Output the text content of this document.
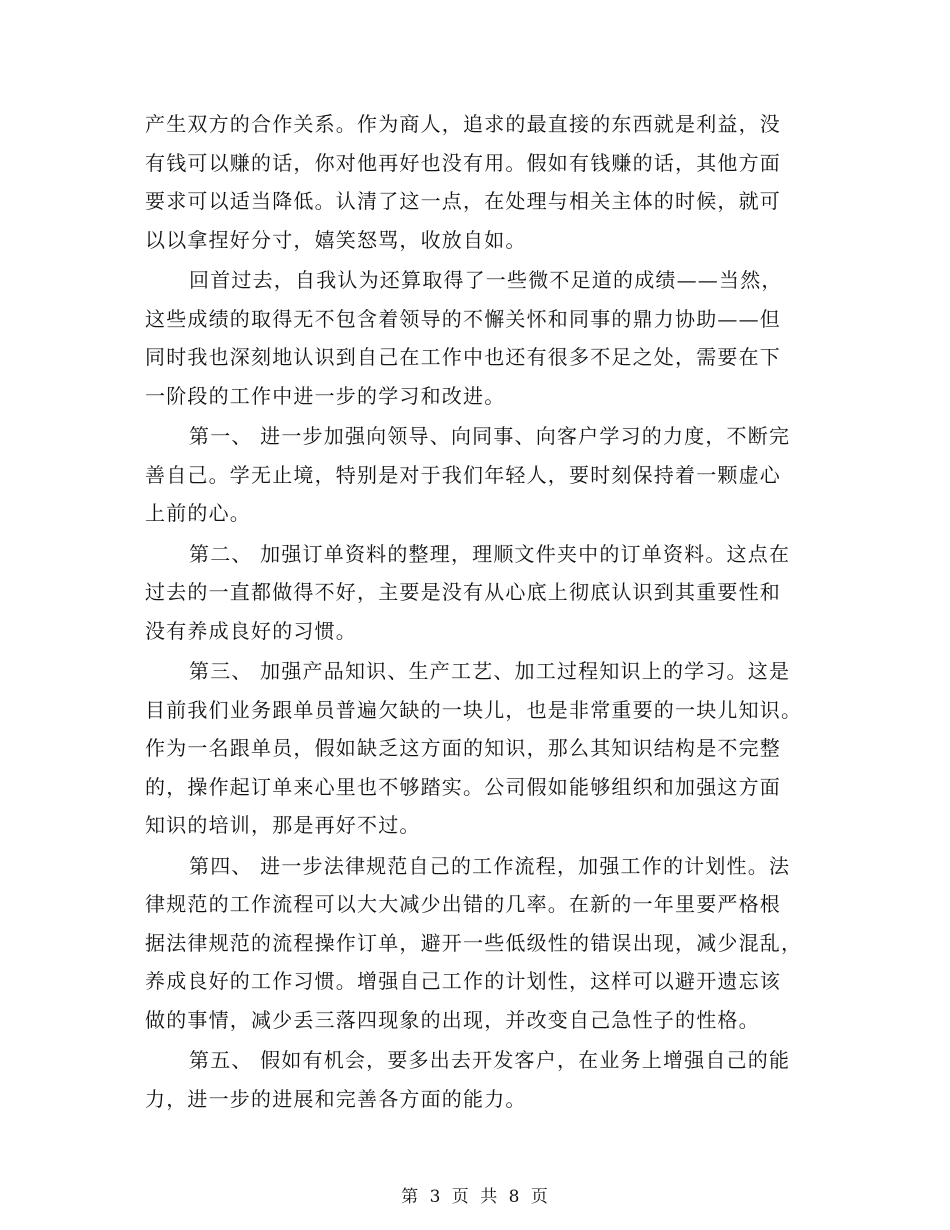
产生双方的合作关系。作为商人，追求的最直接的东西就是利益，没
有钱可以赚的话，你对他再好也没有用。假如有钱赚的话，其他方面
要求可以适当降低。认清了这一点，在处理与相关主体的时候，就可
以以拿捏好分寸，嬉笑怒骂，收放自如。

回首过去，自我认为还算取得了一些微不足道的成绩——当然，
这些成绩的取得无不包含着领导的不懈关怀和同事的鼎力协助——但
同时我也深刻地认识到自己在工作中也还有很多不足之处，需要在下
一阶段的工作中进一步的学习和改进。

第一、 进一步加强向领导、向同事、向客户学习的力度，不断完
善自己。学无止境，特别是对于我们年轻人，要时刻保持着一颗虚心
上前的心。

第二、 加强订单资料的整理，理顺文件夹中的订单资料。这点在
过去的一直都做得不好，主要是没有从心底上彻底认识到其重要性和
没有养成良好的习惯。

第三、 加强产品知识、生产工艺、加工过程知识上的学习。这是
目前我们业务跟单员普遍欠缺的一块儿，也是非常重要的一块儿知识。
作为一名跟单员，假如缺乏这方面的知识，那么其知识结构是不完整
的，操作起订单来心里也不够踏实。公司假如能够组织和加强这方面
知识的培训，那是再好不过。

第四、 进一步法律规范自己的工作流程，加强工作的计划性。法
律规范的工作流程可以大大减少出错的几率。在新的一年里要严格根
据法律规范的流程操作订单，避开一些低级性的错误出现，减少混乱，
养成良好的工作习惯。增强自己工作的计划性，这样可以避开遗忘该
做的事情，减少丢三落四现象的出现，并改变自己急性子的性格。

第五、 假如有机会，要多出去开发客户，在业务上增强自己的能
力，进一步的进展和完善各方面的能力。

第 3 页 共 8 页
